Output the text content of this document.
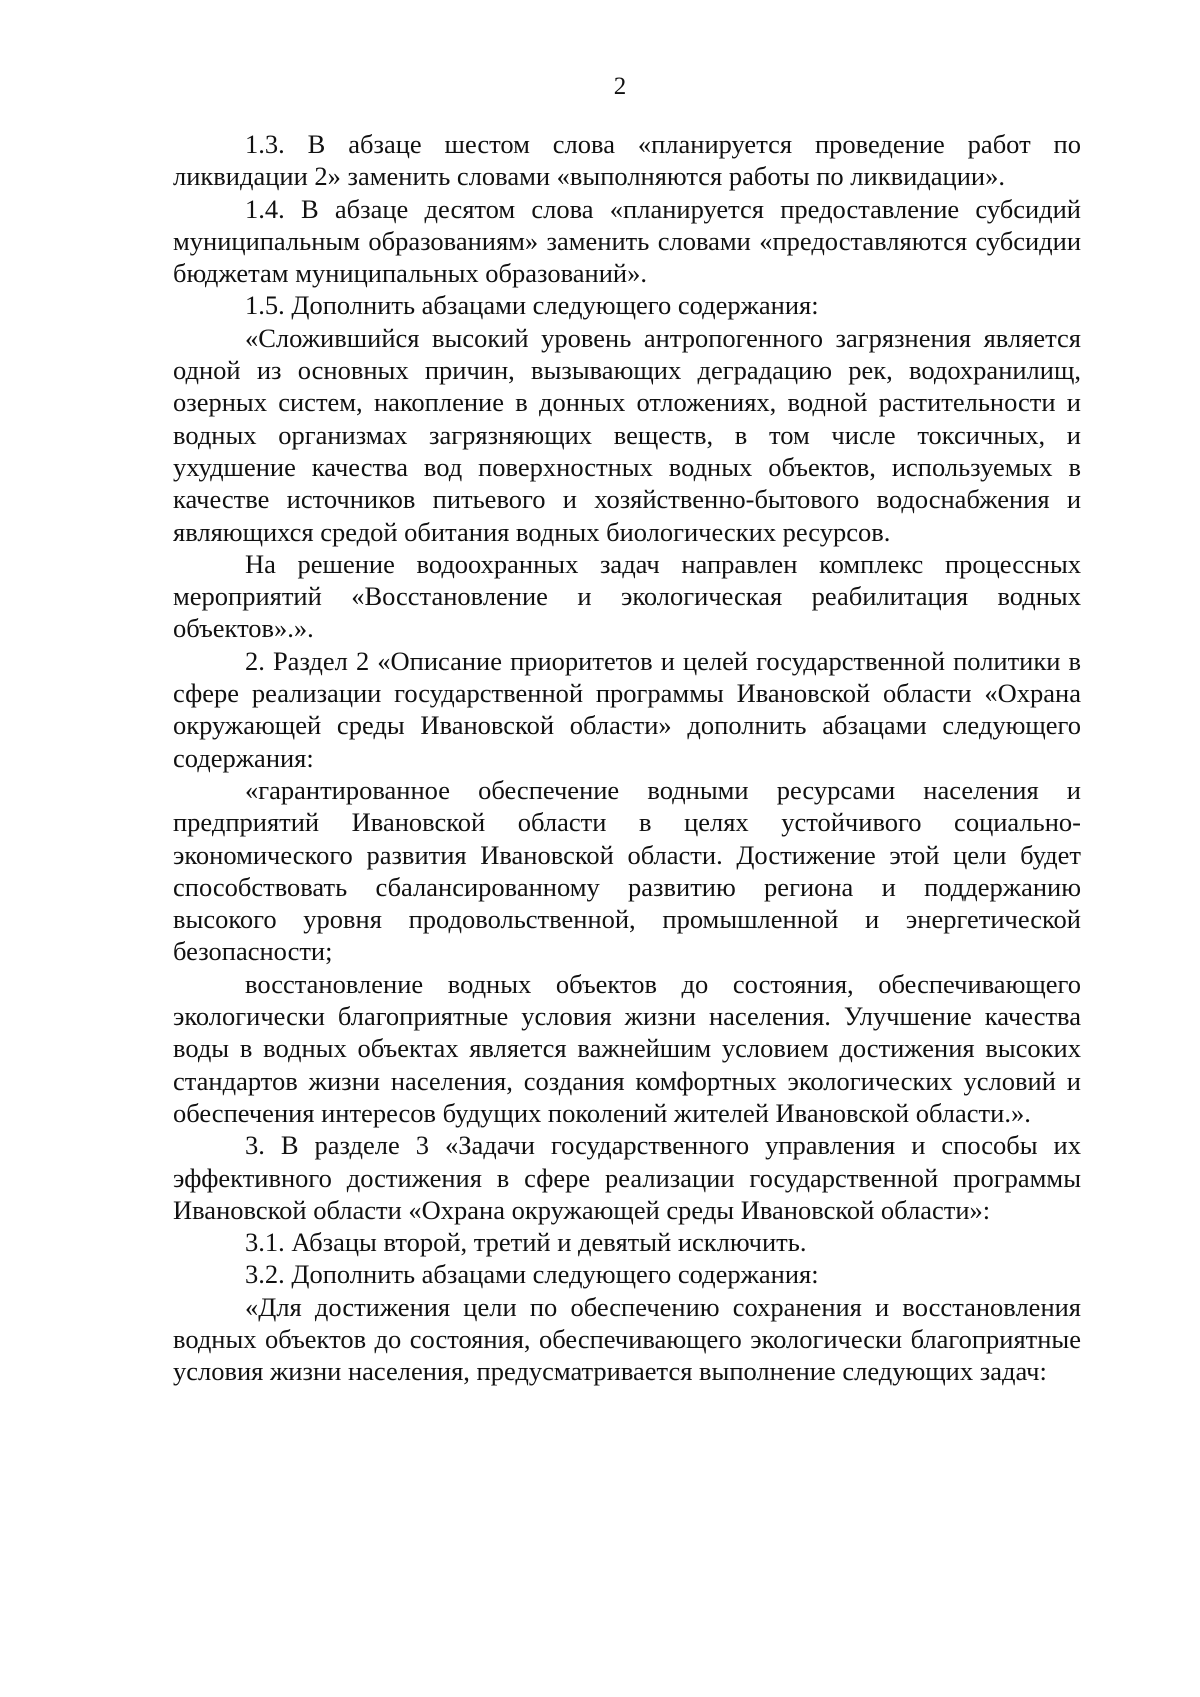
2

1.3. В абзаце шестом слова «планируется проведение работ по ликвидации 2» заменить словами «выполняются работы по ликвидации».

1.4. В абзаце десятом слова «планируется предоставление субсидий муниципальным образованиям» заменить словами «предоставляются субсидии бюджетам муниципальных образований».

1.5. Дополнить абзацами следующего содержания:

«Сложившийся высокий уровень антропогенного загрязнения является одной из основных причин, вызывающих деградацию рек, водохранилищ, озерных систем, накопление в донных отложениях, водной растительности и водных организмах загрязняющих веществ, в том числе токсичных, и ухудшение качества вод поверхностных водных объектов, используемых в качестве источников питьевого и хозяйственно-бытового водоснабжения и являющихся средой обитания водных биологических ресурсов.

На решение водоохранных задач направлен комплекс процессных мероприятий «Восстановление и экологическая реабилитация водных объектов».».

2. Раздел 2 «Описание приоритетов и целей государственной политики в сфере реализации государственной программы Ивановской области «Охрана окружающей среды Ивановской области» дополнить абзацами следующего содержания:

«гарантированное обеспечение водными ресурсами населения и предприятий Ивановской области в целях устойчивого социально-экономического развития Ивановской области. Достижение этой цели будет способствовать сбалансированному развитию региона и поддержанию высокого уровня продовольственной, промышленной и энергетической безопасности;

восстановление водных объектов до состояния, обеспечивающего экологически благоприятные условия жизни населения. Улучшение качества воды в водных объектах является важнейшим условием достижения высоких стандартов жизни населения, создания комфортных экологических условий и обеспечения интересов будущих поколений жителей Ивановской области.».

3. В разделе 3 «Задачи государственного управления и способы их эффективного достижения в сфере реализации государственной программы Ивановской области «Охрана окружающей среды Ивановской области»:

3.1. Абзацы второй, третий и девятый исключить.

3.2. Дополнить абзацами следующего содержания:

«Для достижения цели по обеспечению сохранения и восстановления водных объектов до состояния, обеспечивающего экологически благоприятные условия жизни населения, предусматривается выполнение следующих задач:
